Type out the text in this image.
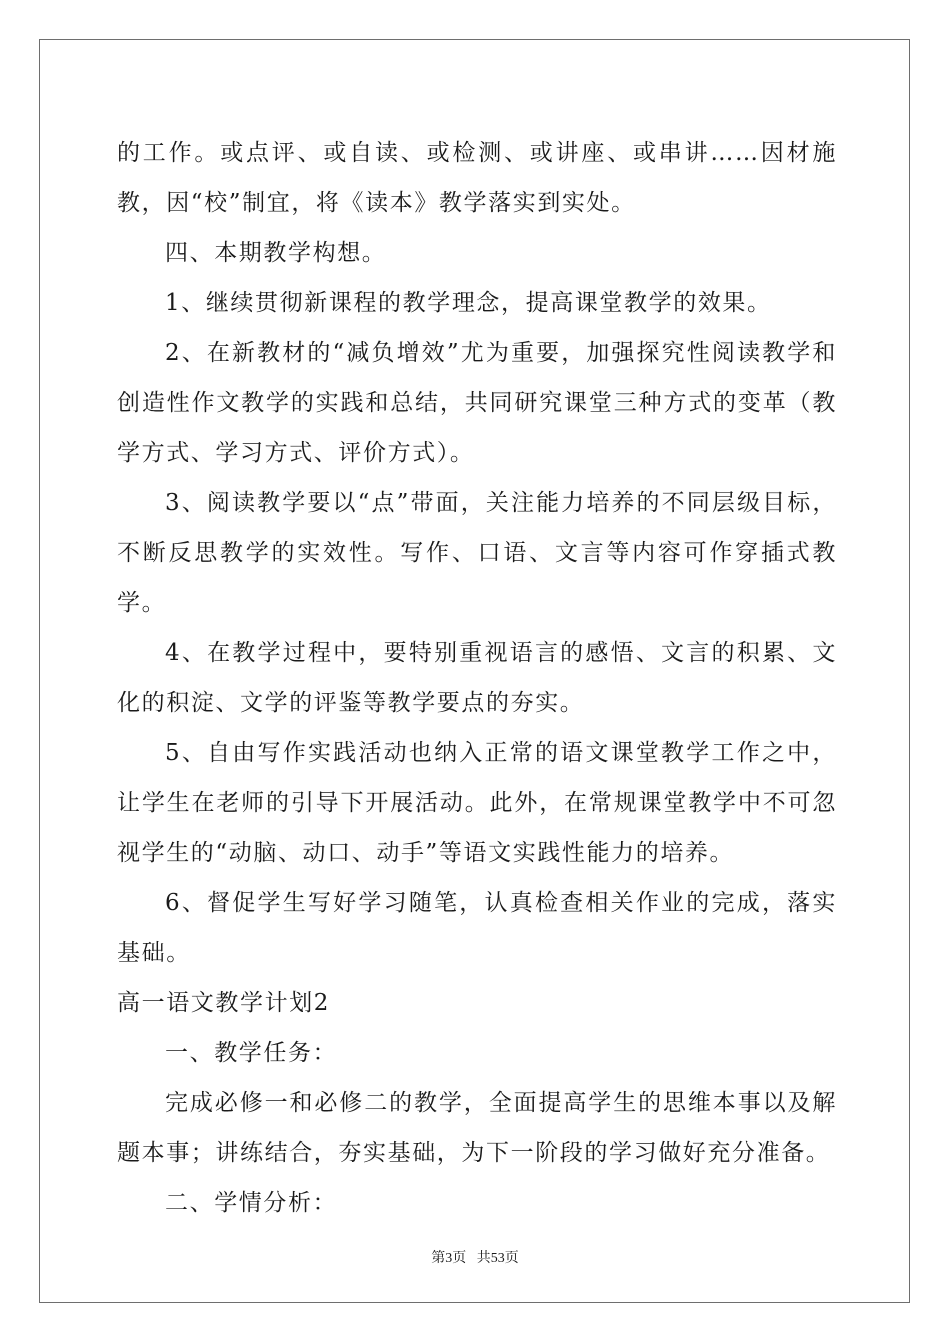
的工作。或点评、或自读、或检测、或讲座、或串讲……因材施教，因“校”制宜，将《读本》教学落实到实处。

四、本期教学构想。

1、继续贯彻新课程的教学理念，提高课堂教学的效果。

2、在新教材的“减负增效”尤为重要，加强探究性阅读教学和创造性作文教学的实践和总结，共同研究课堂三种方式的变革（教学方式、学习方式、评价方式）。

3、阅读教学要以“点”带面，关注能力培养的不同层级目标，不断反思教学的实效性。写作、口语、文言等内容可作穿插式教学。

4、在教学过程中，要特别重视语言的感悟、文言的积累、文化的积淀、文学的评鉴等教学要点的夯实。

5、自由写作实践活动也纳入正常的语文课堂教学工作之中，让学生在老师的引导下开展活动。此外，在常规课堂教学中不可忽视学生的“动脑、动口、动手”等语文实践性能力的培养。

6、督促学生写好学习随笔，认真检查相关作业的完成，落实基础。

高一语文教学计划2

一、教学任务：

完成必修一和必修二的教学，全面提高学生的思维本事以及解题本事；讲练结合，夯实基础，为下一阶段的学习做好充分准备。

二、学情分析：

第3页 共53页
